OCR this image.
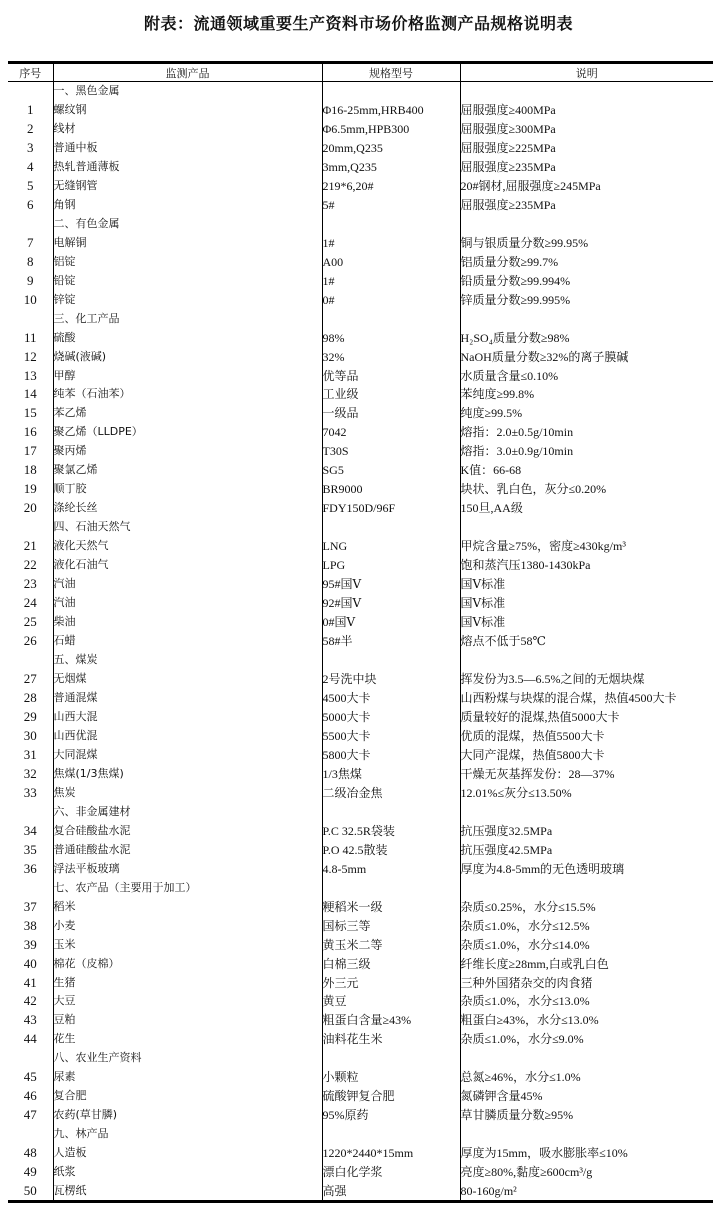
附表：流通领域重要生产资料市场价格监测产品规格说明表
序号	监测产品	规格型号	说明
	一、黑色金属		
1	螺纹钢	Φ16-25mm,HRB400	屈服强度≥400MPa
2	线材	Φ6.5mm,HPB300	屈服强度≥300MPa
3	普通中板	20mm,Q235	屈服强度≥225MPa
4	热轧普通薄板	3mm,Q235	屈服强度≥235MPa
5	无缝钢管	219*6,20#	20#钢材,屈服强度≥245MPa
6	角钢	5#	屈服强度≥235MPa
	二、有色金属		
7	电解铜	1#	铜与银质量分数≥99.95%
8	铝锭	A00	铝质量分数≥99.7%
9	铅锭	1#	铅质量分数≥99.994%
10	锌锭	0#	锌质量分数≥99.995%
	三、化工产品		
11	硫酸	98%	H₂SO₄质量分数≥98%
12	烧碱(液碱)	32%	NaOH质量分数≥32%的离子膜碱
13	甲醇	优等品	水质量含量≤0.10%
14	纯苯（石油苯）	工业级	苯纯度≥99.8%
15	苯乙烯	一级品	纯度≥99.5%
16	聚乙烯（LLDPE）	7042	熔指：2.0±0.5g/10min
17	聚丙烯	T30S	熔指：3.0±0.9g/10min
18	聚氯乙烯	SG5	K值：66-68
19	顺丁胶	BR9000	块状、乳白色，灰分≤0.20%
20	涤纶长丝	FDY150D/96F	150旦,AA级
	四、石油天然气		
21	液化天然气	LNG	甲烷含量≥75%，密度≥430kg/m³
22	液化石油气	LPG	饱和蒸汽压1380-1430kPa
23	汽油	95#国Ⅴ	国Ⅴ标准
24	汽油	92#国Ⅴ	国Ⅴ标准
25	柴油	0#国Ⅴ	国Ⅴ标准
26	石蜡	58#半	熔点不低于58℃
	五、煤炭		
27	无烟煤	2号洗中块	挥发份为3.5—6.5%之间的无烟块煤
28	普通混煤	4500大卡	山西粉煤与块煤的混合煤，热值4500大卡
29	山西大混	5000大卡	质量较好的混煤,热值5000大卡
30	山西优混	5500大卡	优质的混煤，热值5500大卡
31	大同混煤	5800大卡	大同产混煤，热值5800大卡
32	焦煤(1/3焦煤)	1/3焦煤	干燥无灰基挥发份：28—37%
33	焦炭	二级冶金焦	12.01%≤灰分≤13.50%
	六、非金属建材		
34	复合硅酸盐水泥	P.C 32.5R袋装	抗压强度32.5MPa
35	普通硅酸盐水泥	P.O 42.5散装	抗压强度42.5MPa
36	浮法平板玻璃	4.8-5mm	厚度为4.8-5mm的无色透明玻璃
	七、农产品（主要用于加工）		
37	稻米	粳稻米一级	杂质≤0.25%，水分≤15.5%
38	小麦	国标三等	杂质≤1.0%，水分≤12.5%
39	玉米	黄玉米二等	杂质≤1.0%，水分≤14.0%
40	棉花（皮棉）	白棉三级	纤维长度≥28mm,白或乳白色
41	生猪	外三元	三种外国猪杂交的肉食猪
42	大豆	黄豆	杂质≤1.0%，水分≤13.0%
43	豆粕	粗蛋白含量≥43%	粗蛋白≥43%，水分≤13.0%
44	花生	油料花生米	杂质≤1.0%，水分≤9.0%
	八、农业生产资料		
45	尿素	小颗粒	总氮≥46%，水分≤1.0%
46	复合肥	硫酸钾复合肥	氮磷钾含量45%
47	农药(草甘膦)	95%原药	草甘膦质量分数≥95%
	九、林产品		
48	人造板	1220*2440*15mm	厚度为15mm，吸水膨胀率≤10%
49	纸浆	漂白化学浆	亮度≥80%,黏度≥600cm³/g
50	瓦楞纸	高强	80-160g/m²
